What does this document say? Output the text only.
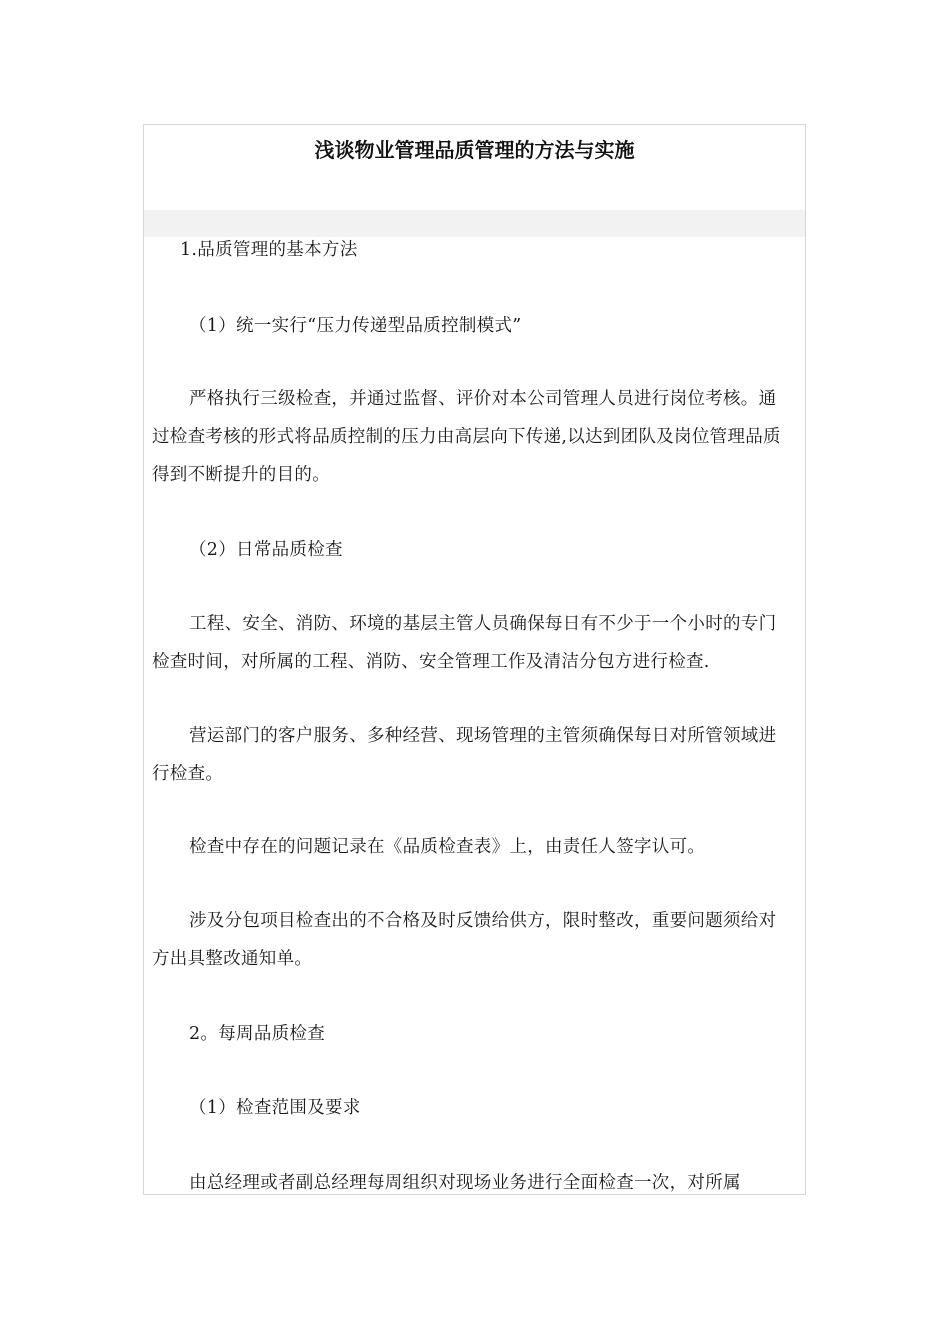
浅谈物业管理品质管理的方法与实施

1.品质管理的基本方法

（1）统一实行“压力传递型品质控制模式”

严格执行三级检查，并通过监督、评价对本公司管理人员进行岗位考核。通过检查考核的形式将品质控制的压力由高层向下传递,以达到团队及岗位管理品质得到不断提升的目的。

（2）日常品质检查

工程、安全、消防、环境的基层主管人员确保每日有不少于一个小时的专门检查时间，对所属的工程、消防、安全管理工作及清洁分包方进行检查.

营运部门的客户服务、多种经营、现场管理的主管须确保每日对所管领域进行检查。

检查中存在的问题记录在《品质检查表》上，由责任人签字认可。

涉及分包项目检查出的不合格及时反馈给供方，限时整改，重要问题须给对方出具整改通知单。

2。每周品质检查

（1）检查范围及要求

由总经理或者副总经理每周组织对现场业务进行全面检查一次，对所属
